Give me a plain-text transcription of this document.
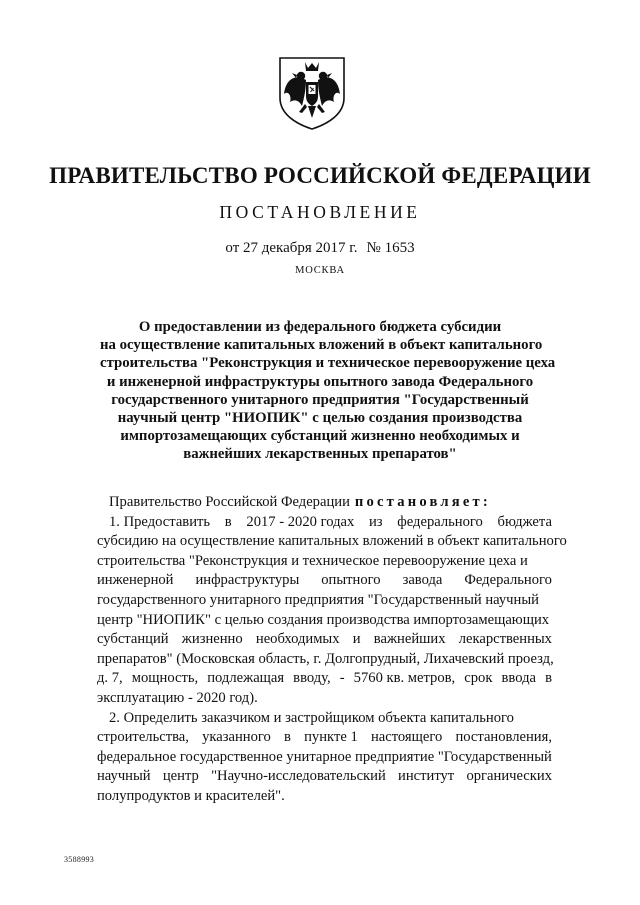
ПРАВИТЕЛЬСТВО РОССИЙСКОЙ ФЕДЕРАЦИИ
ПОСТАНОВЛЕНИЕ
от 27 декабря 2017 г. № 1653
МОСКВА
О предоставлении из федерального бюджета субсидии
на осуществление капитальных вложений в объект капитального
строительства "Реконструкция и техническое перевооружение цеха
и инженерной инфраструктуры опытного завода Федерального
государственного унитарного предприятия "Государственный
научный центр "НИОПИК" с целью создания производства
импортозамещающих субстанций жизненно необходимых и
важнейших лекарственных препаратов"
Правительство Российской Федерации постановляет:
1. Предоставить в 2017 - 2020 годах из федерального бюджета
субсидию на осуществление капитальных вложений в объект капитального
строительства "Реконструкция и техническое перевооружение цеха и
инженерной инфраструктуры опытного завода Федерального
государственного унитарного предприятия "Государственный научный
центр "НИОПИК" с целью создания производства импортозамещающих
субстанций жизненно необходимых и важнейших лекарственных
препаратов" (Московская область, г. Долгопрудный, Лихачевский проезд,
д. 7, мощность, подлежащая вводу, - 5760 кв. метров, срок ввода в
эксплуатацию - 2020 год).
2. Определить заказчиком и застройщиком объекта капитального
строительства, указанного в пункте 1 настоящего постановления,
федеральное государственное унитарное предприятие "Государственный
научный центр "Научно-исследовательский институт органических
полупродуктов и красителей".
3588993
